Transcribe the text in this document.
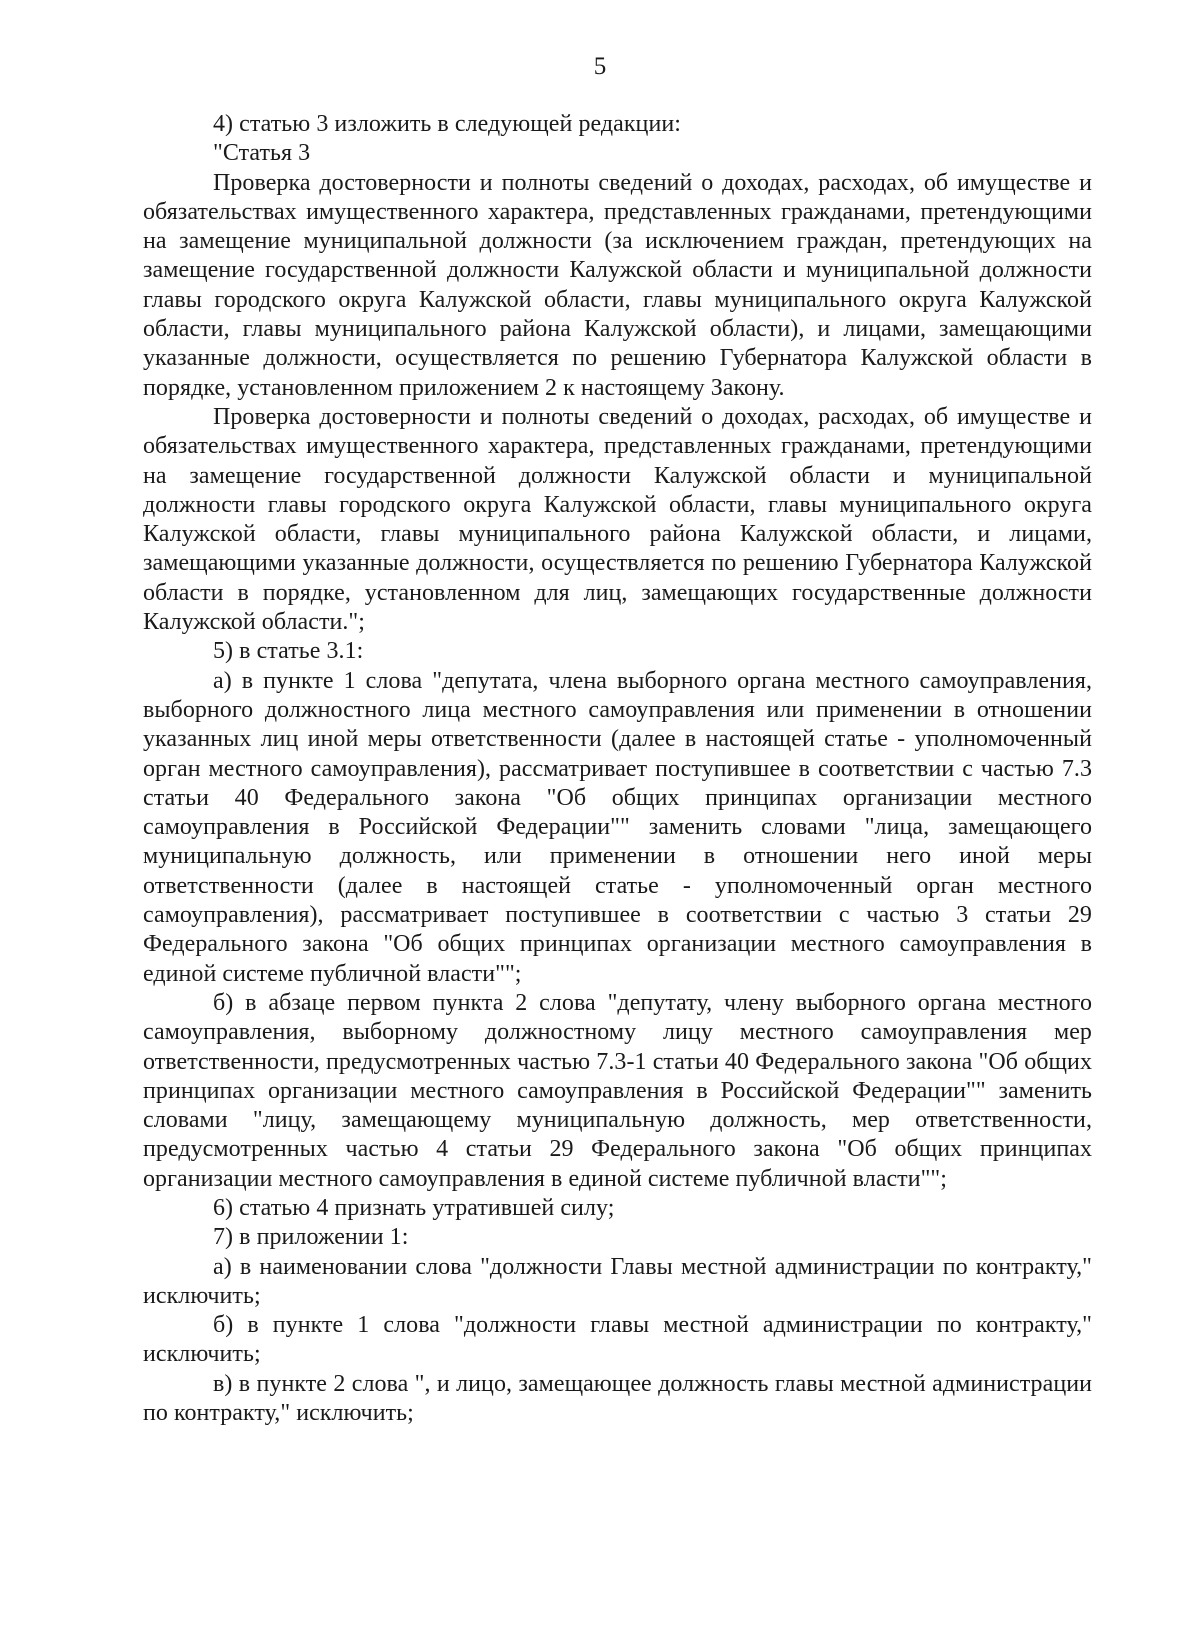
5

4) статью 3 изложить в следующей редакции:

"Статья 3

Проверка достоверности и полноты сведений о доходах, расходах, об имуществе и обязательствах имущественного характера, представленных гражданами, претендующими на замещение муниципальной должности (за исключением граждан, претендующих на замещение государственной должности Калужской области и муниципальной должности главы городского округа Калужской области, главы муниципального округа Калужской области, главы муниципального района Калужской области), и лицами, замещающими указанные должности, осуществляется по решению Губернатора Калужской области в порядке, установленном приложением 2 к настоящему Закону.

Проверка достоверности и полноты сведений о доходах, расходах, об имуществе и обязательствах имущественного характера, представленных гражданами, претендующими на замещение государственной должности Калужской области и муниципальной должности главы городского округа Калужской области, главы муниципального округа Калужской области, главы муниципального района Калужской области, и лицами, замещающими указанные должности, осуществляется по решению Губернатора Калужской области в порядке, установленном для лиц, замещающих государственные должности Калужской области.";

5) в статье 3.1:

а) в пункте 1 слова "депутата, члена выборного органа местного самоуправления, выборного должностного лица местного самоуправления или применении в отношении указанных лиц иной меры ответственности (далее в настоящей статье - уполномоченный орган местного самоуправления), рассматривает поступившее в соответствии с частью 7.3 статьи 40 Федерального закона "Об общих принципах организации местного самоуправления в Российской Федерации"" заменить словами "лица, замещающего муниципальную должность, или применении в отношении него иной меры ответственности (далее в настоящей статье - уполномоченный орган местного самоуправления), рассматривает поступившее в соответствии с частью 3 статьи 29 Федерального закона "Об общих принципах организации местного самоуправления в единой системе публичной власти"";

б) в абзаце первом пункта 2 слова "депутату, члену выборного органа местного самоуправления, выборному должностному лицу местного самоуправления мер ответственности, предусмотренных частью 7.3-1 статьи 40 Федерального закона "Об общих принципах организации местного самоуправления в Российской Федерации"" заменить словами "лицу, замещающему муниципальную должность, мер ответственности, предусмотренных частью 4 статьи 29 Федерального закона "Об общих принципах организации местного самоуправления в единой системе публичной власти"";

6) статью 4 признать утратившей силу;

7) в приложении 1:

а) в наименовании слова "должности Главы местной администрации по контракту," исключить;

б) в пункте 1 слова "должности главы местной администрации по контракту," исключить;

в) в пункте 2 слова ", и лицо, замещающее должность главы местной администрации по контракту," исключить;
